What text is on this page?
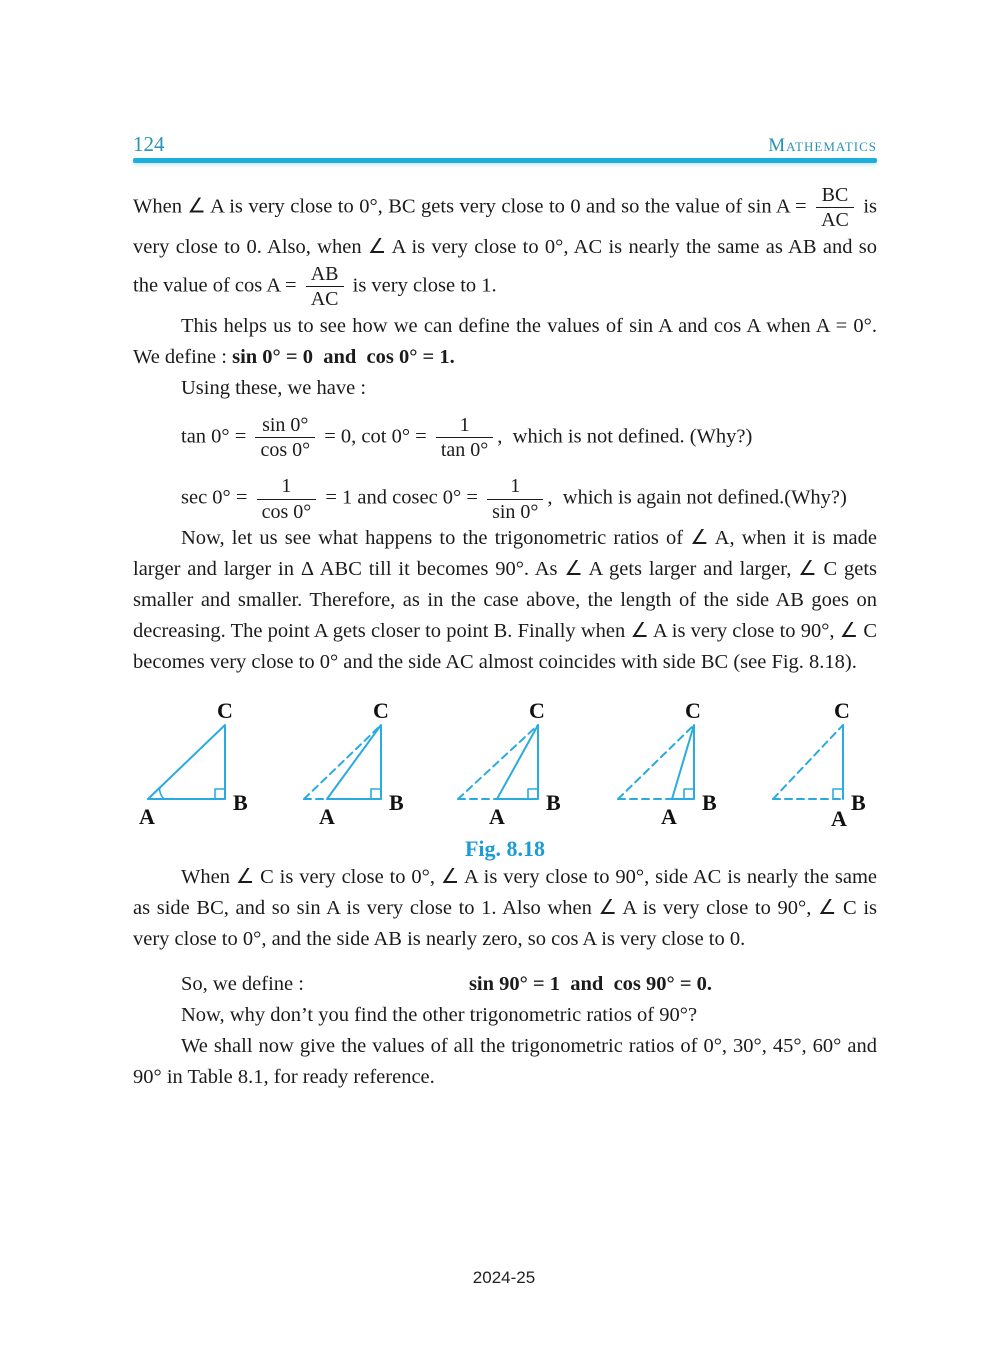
124	Mathematics

When ∠ A is very close to 0°, BC gets very close to 0 and so the value of $\sin A = \frac{BC}{AC}$ is very close to 0. Also, when ∠ A is very close to 0°, AC is nearly the same as AB and so the value of $\cos A = \frac{AB}{AC}$ is very close to 1.

This helps us to see how we can define the values of sin A and cos A when A = 0°. We define : sin 0° = 0  and  cos 0° = 1.

Using these, we have :

$\tan 0^\circ = \frac{\sin 0^\circ}{\cos 0^\circ} = 0$, $\cot 0^\circ = \frac{1}{\tan 0^\circ}$ ,  which is not defined. (Why?)

$\sec 0^\circ = \frac{1}{\cos 0^\circ} = 1$ and cosec $0^\circ = \frac{1}{\sin 0^\circ}$ ,  which is again not defined.(Why?)

Now, let us see what happens to the trigonometric ratios of ∠ A, when it is made larger and larger in Δ ABC till it becomes 90°. As ∠ A gets larger and larger, ∠ C gets smaller and smaller. Therefore, as in the case above, the length of the side AB goes on decreasing. The point A gets closer to point B. Finally when ∠ A is very close to 90°, ∠ C becomes very close to 0° and the side AC almost coincides with side BC (see Fig. 8.18).

C
A
B
C
A
B
C
A
B
C
A
B
C
A
B
Fig. 8.18

When ∠ C is very close to 0°, ∠ A is very close to 90°, side AC is nearly the same as side BC, and so sin A is very close to 1. Also when ∠ A is very close to 90°, ∠ C is very close to 0°, and the side AB is nearly zero, so cos A is very close to 0.

So, we define :	sin 90° = 1  and  cos 90° = 0.

Now, why don’t you find the other trigonometric ratios of 90°?

We shall now give the values of all the trigonometric ratios of 0°, 30°, 45°, 60° and 90° in Table 8.1, for ready reference.

2024-25
